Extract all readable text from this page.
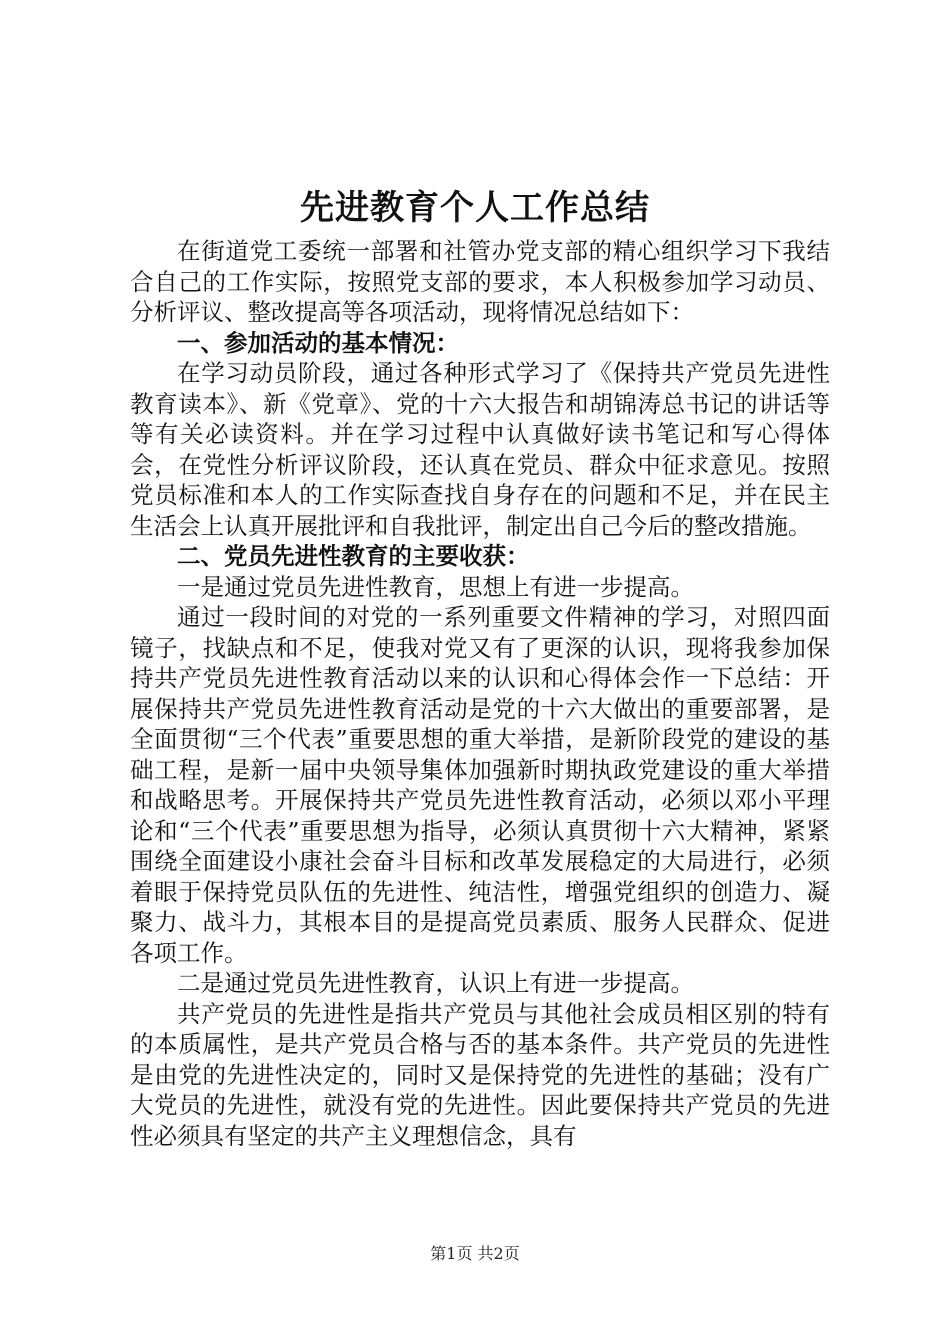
先进教育个人工作总结

在街道党工委统一部署和社管办党支部的精心组织学习下我结合自己的工作实际，按照党支部的要求，本人积极参加学习动员、分析评议、整改提高等各项活动，现将情况总结如下：

一、参加活动的基本情况：

在学习动员阶段，通过各种形式学习了《保持共产党员先进性教育读本》、新《党章》、党的十六大报告和胡锦涛总书记的讲话等等有关必读资料。并在学习过程中认真做好读书笔记和写心得体会，在党性分析评议阶段，还认真在党员、群众中征求意见。按照党员标准和本人的工作实际查找自身存在的问题和不足，并在民主生活会上认真开展批评和自我批评，制定出自己今后的整改措施。

二、党员先进性教育的主要收获：

一是通过党员先进性教育，思想上有进一步提高。

通过一段时间的对党的一系列重要文件精神的学习，对照四面镜子，找缺点和不足，使我对党又有了更深的认识，现将我参加保持共产党员先进性教育活动以来的认识和心得体会作一下总结：开展保持共产党员先进性教育活动是党的十六大做出的重要部署，是全面贯彻“三个代表”重要思想的重大举措，是新阶段党的建设的基础工程，是新一届中央领导集体加强新时期执政党建设的重大举措和战略思考。开展保持共产党员先进性教育活动，必须以邓小平理论和“三个代表”重要思想为指导，必须认真贯彻十六大精神，紧紧围绕全面建设小康社会奋斗目标和改革发展稳定的大局进行，必须着眼于保持党员队伍的先进性、纯洁性，增强党组织的创造力、凝聚力、战斗力，其根本目的是提高党员素质、服务人民群众、促进各项工作。

二是通过党员先进性教育，认识上有进一步提高。

共产党员的先进性是指共产党员与其他社会成员相区别的特有的本质属性，是共产党员合格与否的基本条件。共产党员的先进性是由党的先进性决定的，同时又是保持党的先进性的基础；没有广大党员的先进性，就没有党的先进性。因此要保持共产党员的先进性必须具有坚定的共产主义理想信念，具有

第1页 共2页
